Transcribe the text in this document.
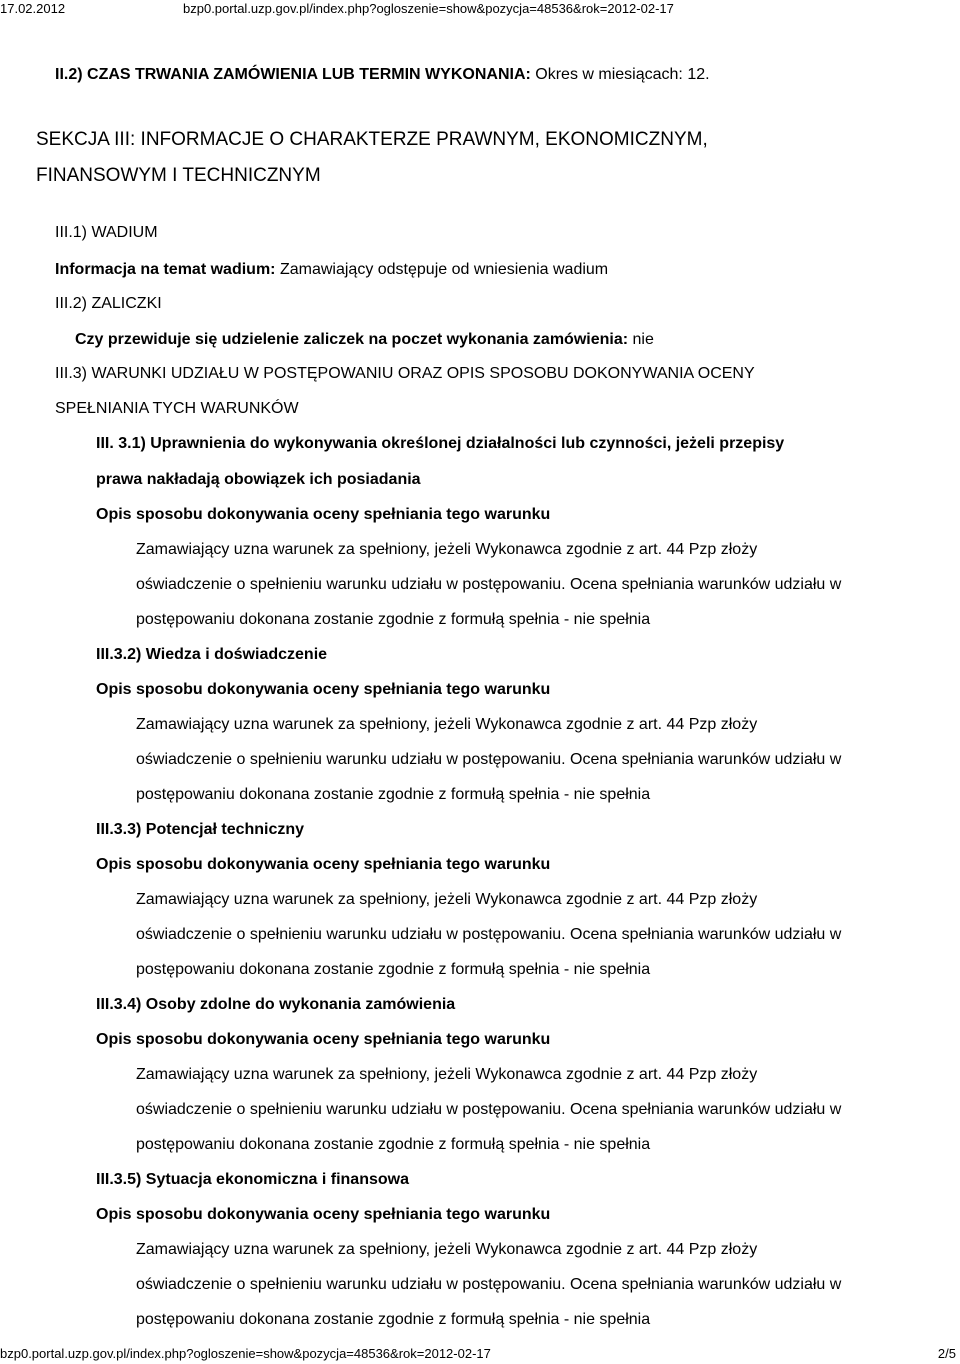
17.02.2012	bzp0.portal.uzp.gov.pl/index.php?ogloszenie=show&pozycja=48536&rok=2012-02-17
II.2) CZAS TRWANIA ZAMÓWIENIA LUB TERMIN WYKONANIA: Okres w miesiącach: 12.
SEKCJA III: INFORMACJE O CHARAKTERZE PRAWNYM, EKONOMICZNYM,
FINANSOWYM I TECHNICZNYM
III.1) WADIUM
Informacja na temat wadium: Zamawiający odstępuje od wniesienia wadium
III.2) ZALICZKI
Czy przewiduje się udzielenie zaliczek na poczet wykonania zamówienia: nie
III.3) WARUNKI UDZIAŁU W POSTĘPOWANIU ORAZ OPIS SPOSOBU DOKONYWANIA OCENY
SPEŁNIANIA TYCH WARUNKÓW
III. 3.1) Uprawnienia do wykonywania określonej działalności lub czynności, jeżeli przepisy
prawa nakładają obowiązek ich posiadania
Opis sposobu dokonywania oceny spełniania tego warunku
Zamawiający uzna warunek za spełniony, jeżeli Wykonawca zgodnie z art. 44 Pzp złoży
oświadczenie o spełnieniu warunku udziału w postępowaniu. Ocena spełniania warunków udziału w
postępowaniu dokonana zostanie zgodnie z formułą spełnia - nie spełnia
III.3.2) Wiedza i doświadczenie
Opis sposobu dokonywania oceny spełniania tego warunku
Zamawiający uzna warunek za spełniony, jeżeli Wykonawca zgodnie z art. 44 Pzp złoży
oświadczenie o spełnieniu warunku udziału w postępowaniu. Ocena spełniania warunków udziału w
postępowaniu dokonana zostanie zgodnie z formułą spełnia - nie spełnia
III.3.3) Potencjał techniczny
Opis sposobu dokonywania oceny spełniania tego warunku
Zamawiający uzna warunek za spełniony, jeżeli Wykonawca zgodnie z art. 44 Pzp złoży
oświadczenie o spełnieniu warunku udziału w postępowaniu. Ocena spełniania warunków udziału w
postępowaniu dokonana zostanie zgodnie z formułą spełnia - nie spełnia
III.3.4) Osoby zdolne do wykonania zamówienia
Opis sposobu dokonywania oceny spełniania tego warunku
Zamawiający uzna warunek za spełniony, jeżeli Wykonawca zgodnie z art. 44 Pzp złoży
oświadczenie o spełnieniu warunku udziału w postępowaniu. Ocena spełniania warunków udziału w
postępowaniu dokonana zostanie zgodnie z formułą spełnia - nie spełnia
III.3.5) Sytuacja ekonomiczna i finansowa
Opis sposobu dokonywania oceny spełniania tego warunku
Zamawiający uzna warunek za spełniony, jeżeli Wykonawca zgodnie z art. 44 Pzp złoży
oświadczenie o spełnieniu warunku udziału w postępowaniu. Ocena spełniania warunków udziału w
postępowaniu dokonana zostanie zgodnie z formułą spełnia - nie spełnia
bzp0.portal.uzp.gov.pl/index.php?ogloszenie=show&pozycja=48536&rok=2012-02-17	2/5
